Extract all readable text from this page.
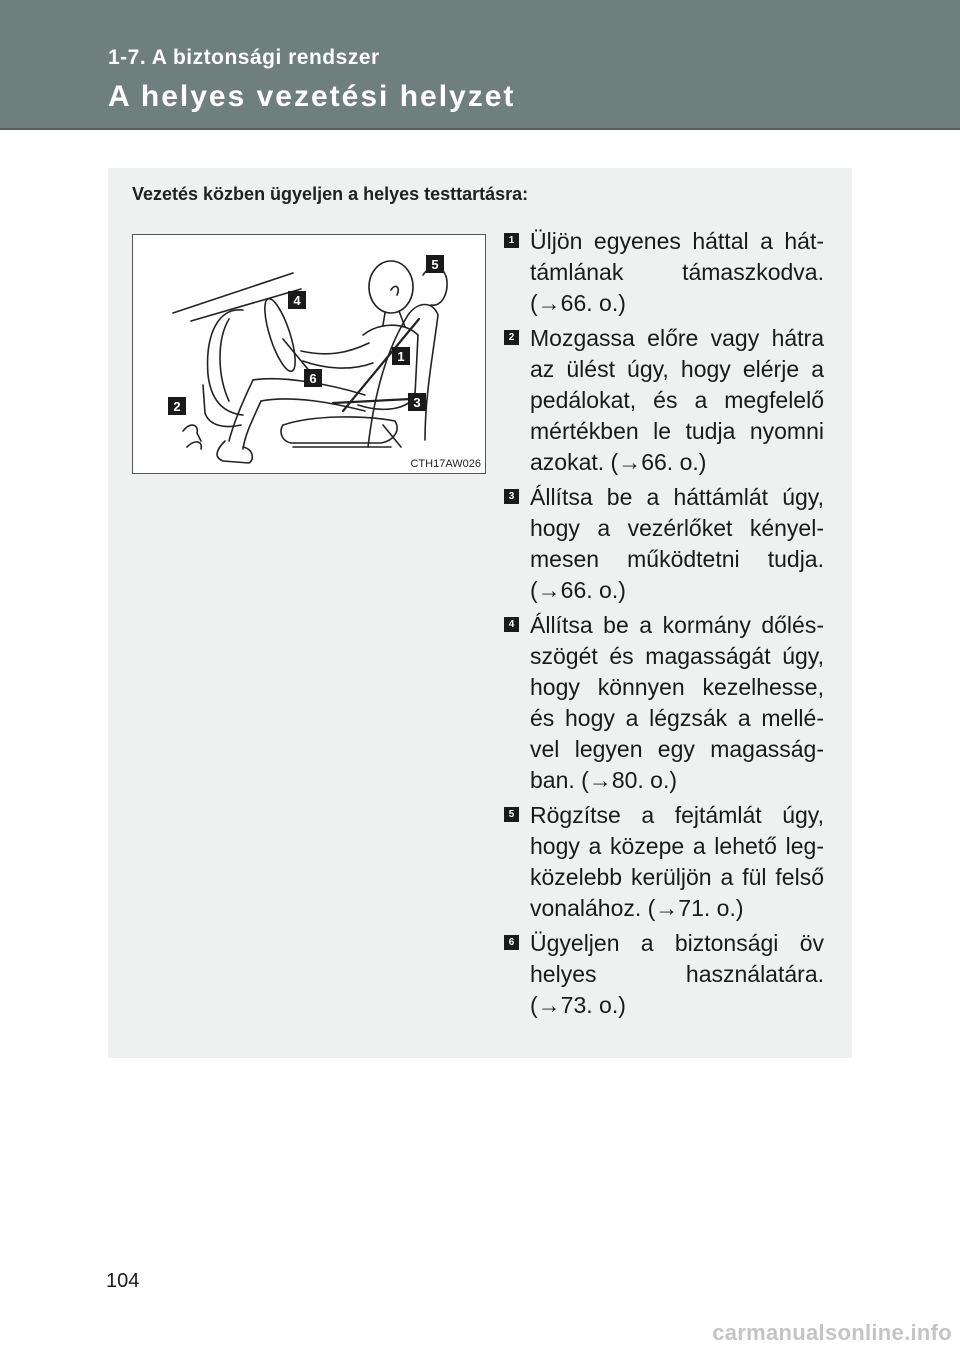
1-7. A biztonsági rendszer
A helyes vezetési helyzet
Vezetés közben ügyeljen a helyes testtartásra:
5
4
1
6
2	3
CTH17AW026
1 Üljön egyenes háttal a hát-támlának támaszkodva. (→66. o.)
2 Mozgassa előre vagy hátra az ülést úgy, hogy elérje a pedálokat, és a megfelelő mértékben le tudja nyomni azokat. (→66. o.)
3 Állítsa be a háttámlát úgy, hogy a vezérlőket kényel-mesen működtetni tudja. (→66. o.)
4 Állítsa be a kormány dőlés-szögét és magasságát úgy, hogy könnyen kezelhesse, és hogy a légzsák a mellé-vel legyen egy magasság-ban. (→80. o.)
5 Rögzítse a fejtámlát úgy, hogy a közepe a lehető leg-közelebb kerüljön a fül felső vonalához. (→71. o.)
6 Ügyeljen a biztonsági öv helyes használatára. (→73. o.)
104
carmanualsonline.info
